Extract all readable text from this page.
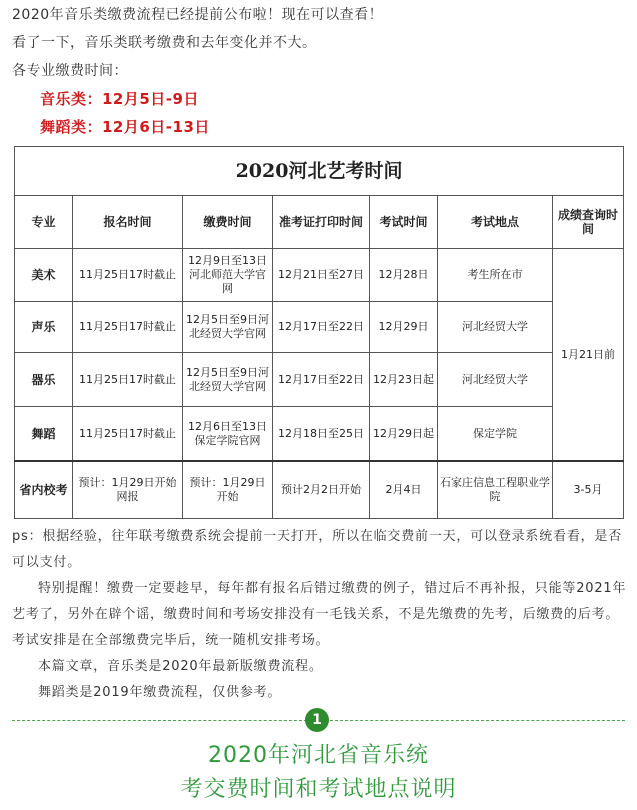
2020年音乐类缴费流程已经提前公布啦！现在可以查看！
看了一下，音乐类联考缴费和去年变化并不大。
各专业缴费时间：
音乐类：12月5日-9日
舞蹈类：12月6日-13日
2020河北艺考时间						
专业	报名时间	缴费时间	准考证打印时间	考试时间	考试地点	成绩查询时间
美术	11月25日17时截止	12月9日至13日河北师范大学官网	12月21日至27日	12月28日	考生所在市	1月21日前
声乐	11月25日17时截止	12月5日至9日河北经贸大学官网	12月17日至22日	12月29日	河北经贸大学	
器乐	11月25日17时截止	12月5日至9日河北经贸大学官网	12月17日至22日	12月23日起	河北经贸大学	
舞蹈	11月25日17时截止	12月6日至13日保定学院官网	12月18日至25日	12月29日起	保定学院	
省内校考	预计：1月29日开始网报	预计：1月29日开始	预计2月2日开始	2月4日	石家庄信息工程职业学院	3-5月
ps：根据经验，往年联考缴费系统会提前一天打开，所以在临交费前一天，可以登录系统看看，是否可以支付。
特别提醒！缴费一定要趁早，每年都有报名后错过缴费的例子，错过后不再补报，只能等2021年艺考了，另外在辟个谣，缴费时间和考场安排没有一毛钱关系，不是先缴费的先考，后缴费的后考。考试安排是在全部缴费完毕后，统一随机安排考场。
本篇文章，音乐类是2020年最新版缴费流程。
舞蹈类是2019年缴费流程，仅供参考。
1
2020年河北省音乐统
考交费时间和考试地点说明
